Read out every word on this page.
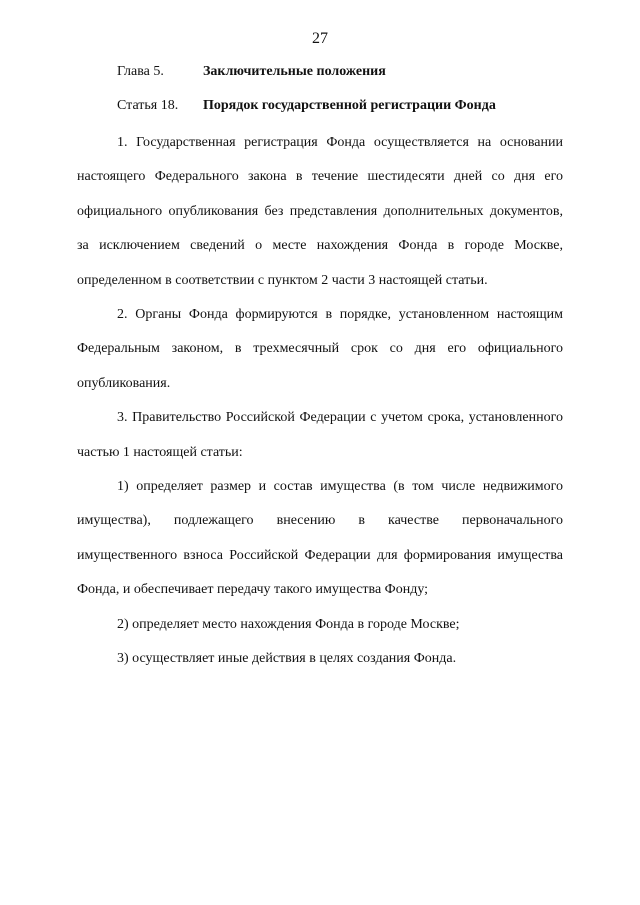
27
Глава 5.	Заключительные положения
Статья 18. Порядок государственной регистрации Фонда

1. Государственная регистрация Фонда осуществляется на основании настоящего Федерального закона в течение шестидесяти дней со дня его официального опубликования без представления дополнительных документов, за исключением сведений о месте нахождения Фонда в городе Москве, определенном в соответствии с пунктом 2 части 3 настоящей статьи.

2. Органы Фонда формируются в порядке, установленном настоящим Федеральным законом, в трехмесячный срок со дня его официального опубликования.

3. Правительство Российской Федерации с учетом срока, установленного частью 1 настоящей статьи:

1) определяет размер и состав имущества (в том числе недвижимого имущества), подлежащего внесению в качестве первоначального имущественного взноса Российской Федерации для формирования имущества Фонда, и обеспечивает передачу такого имущества Фонду;

2) определяет место нахождения Фонда в городе Москве;

3) осуществляет иные действия в целях создания Фонда.
